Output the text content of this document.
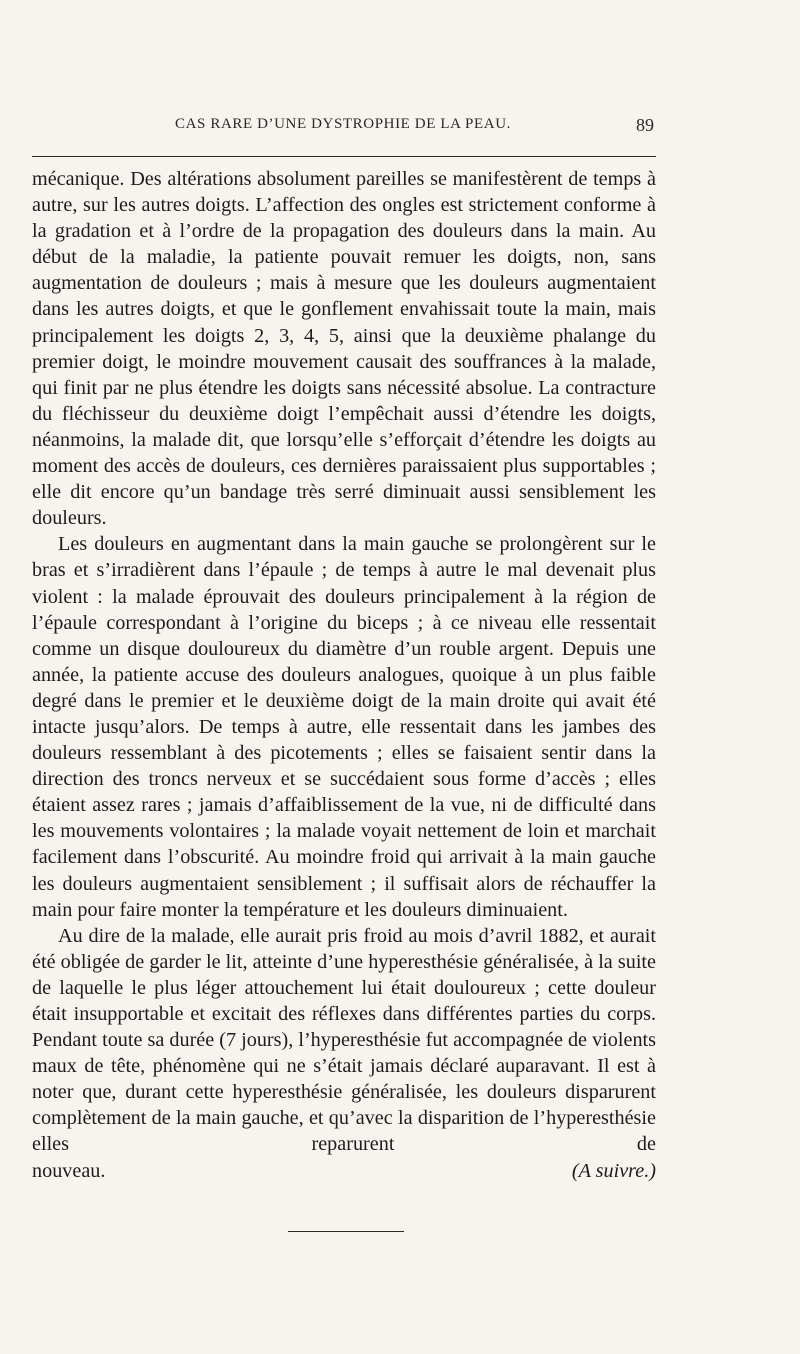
CAS RARE D’UNE DYSTROPHIE DE LA PEAU.	89

mécanique. Des altérations absolument pareilles se manifestèrent de temps à autre, sur les autres doigts. L’affection des ongles est strictement conforme à la gradation et à l’ordre de la propagation des douleurs dans la main. Au début de la maladie, la patiente pouvait remuer les doigts, non, sans augmentation de douleurs ; mais à mesure que les douleurs augmentaient dans les autres doigts, et que le gonflement envahissait toute la main, mais principalement les doigts 2, 3, 4, 5, ainsi que la deuxième phalange du premier doigt, le moindre mouvement causait des souffrances à la malade, qui finit par ne plus étendre les doigts sans nécessité absolue. La contracture du fléchisseur du deuxième doigt l’empêchait aussi d’étendre les doigts, néanmoins, la malade dit, que lorsqu’elle s’efforçait d’étendre les doigts au moment des accès de douleurs, ces dernières paraissaient plus supportables ; elle dit encore qu’un bandage très serré diminuait aussi sensiblement les douleurs.

Les douleurs en augmentant dans la main gauche se prolongèrent sur le bras et s’irradièrent dans l’épaule ; de temps à autre le mal devenait plus violent : la malade éprouvait des douleurs principalement à la région de l’épaule correspondant à l’origine du biceps ; à ce niveau elle ressentait comme un disque douloureux du diamètre d’un rouble argent. Depuis une année, la patiente accuse des douleurs analogues, quoique à un plus faible degré dans le premier et le deuxième doigt de la main droite qui avait été intacte jusqu’alors. De temps à autre, elle ressentait dans les jambes des douleurs ressemblant à des picotements ; elles se faisaient sentir dans la direction des troncs nerveux et se succédaient sous forme d’accès ; elles étaient assez rares ; jamais d’affaiblissement de la vue, ni de difficulté dans les mouvements volontaires ; la malade voyait nettement de loin et marchait facilement dans l’obscurité. Au moindre froid qui arrivait à la main gauche les douleurs augmentaient sensiblement ; il suffisait alors de réchauffer la main pour faire monter la température et les douleurs diminuaient.

Au dire de la malade, elle aurait pris froid au mois d’avril 1882, et aurait été obligée de garder le lit, atteinte d’une hyperesthésie généralisée, à la suite de laquelle le plus léger attouchement lui était douloureux ; cette douleur était insupportable et excitait des réflexes dans différentes parties du corps. Pendant toute sa durée (7 jours), l’hyperesthésie fut accompagnée de violents maux de tête, phénomène qui ne s’était jamais déclaré auparavant. Il est à noter que, durant cette hyperesthésie généralisée, les douleurs disparurent complètement de la main gauche, et qu’avec la disparition de l’hyperesthésie elles reparurent de

nouveau.	(A suivre.)
